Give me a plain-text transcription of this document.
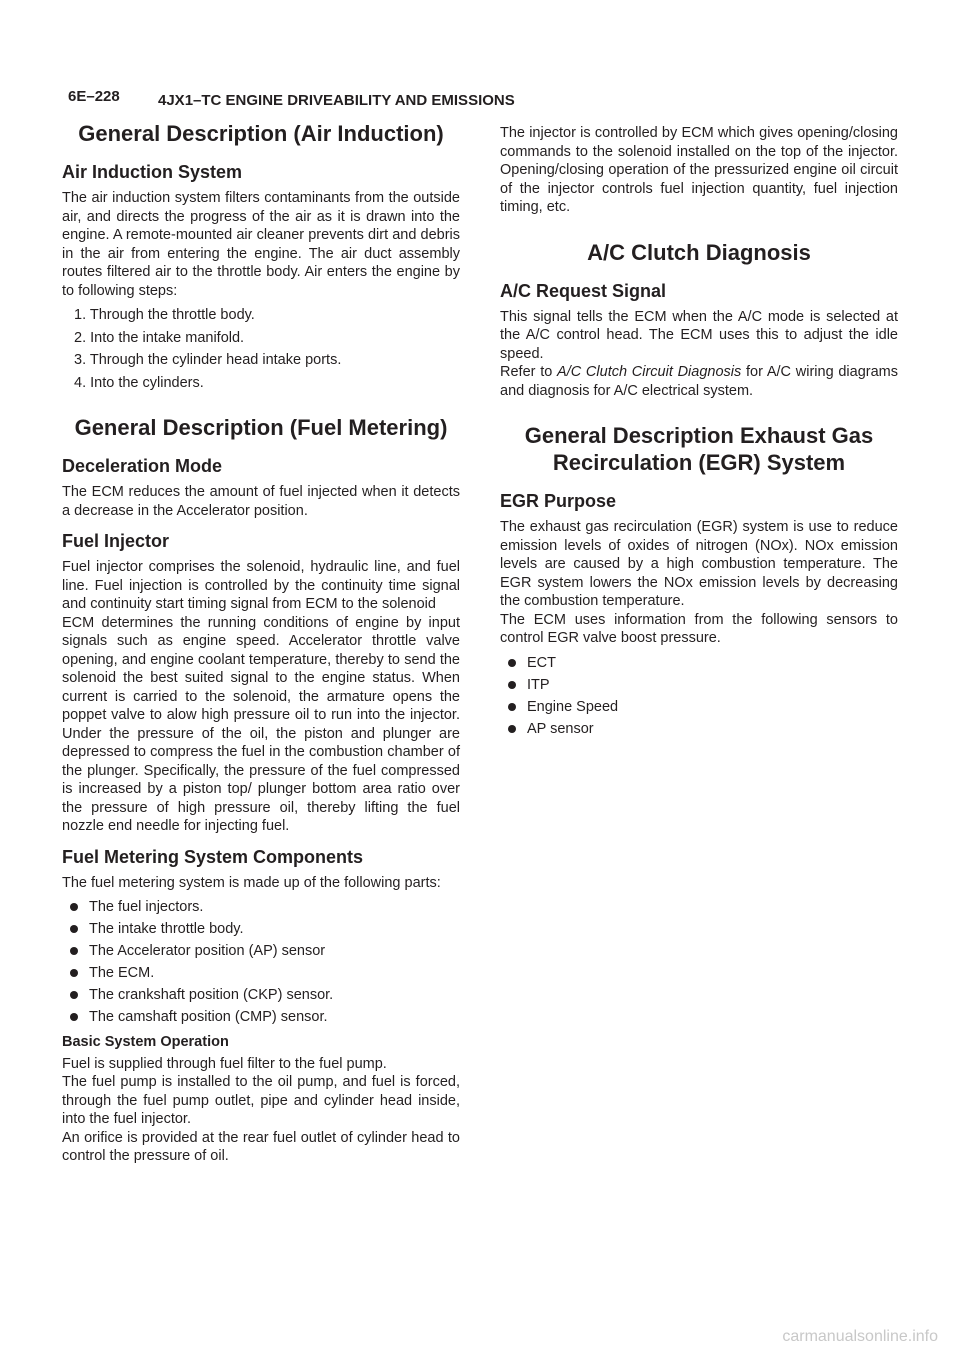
6E–228	4JX1–TC ENGINE DRIVEABILITY AND EMISSIONS
General Description (Air Induction)
Air Induction System

The air induction system filters contaminants from the outside air, and directs the progress of the air as it is drawn into the engine. A remote-mounted air cleaner prevents dirt and debris in the air from entering the engine. The air duct assembly routes filtered air to the throttle body. Air enters the engine by to following steps:

1. Through the throttle body.
2. Into the intake manifold.
3. Through the cylinder head intake ports.
4. Into the cylinders.
General Description (Fuel Metering)
Deceleration Mode

The ECM reduces the amount of fuel injected when it detects a decrease in the Accelerator position.

Fuel Injector

Fuel injector comprises the solenoid, hydraulic line, and fuel line. Fuel injection is controlled by the continuity time signal and continuity start timing signal from ECM to the solenoid

ECM determines the running conditions of engine by input signals such as engine speed. Accelerator throttle valve opening, and engine coolant temperature, thereby to send the solenoid the best suited signal to the engine status. When current is carried to the solenoid, the armature opens the poppet valve to alow high pressure oil to run into the injector. Under the pressure of the oil, the piston and plunger are depressed to compress the fuel in the combustion chamber of the plunger. Specifically, the pressure of the fuel compressed is increased by a piston top/ plunger bottom area ratio over the pressure of high pressure oil, thereby lifting the fuel nozzle end needle for injecting fuel.

Fuel Metering System Components

The fuel metering system is made up of the following parts:

The fuel injectors.
The intake throttle body.
The Accelerator position (AP) sensor
The ECM.
The crankshaft position (CKP) sensor.
The camshaft position (CMP) sensor.
Basic System Operation

Fuel is supplied through fuel filter to the fuel pump.

The fuel pump is installed to the oil pump, and fuel is forced, through the fuel pump outlet, pipe and cylinder head inside, into the fuel injector.

An orifice is provided at the rear fuel outlet of cylinder head to control the pressure of oil.

The injector is controlled by ECM which gives opening/closing commands to the solenoid installed on the top of the injector. Opening/closing operation of the pressurized engine oil circuit of the injector controls fuel injection quantity, fuel injection timing, etc.

A/C Clutch Diagnosis
A/C Request Signal

This signal tells the ECM when the A/C mode is selected at the A/C control head. The ECM uses this to adjust the idle speed.

Refer to A/C Clutch Circuit Diagnosis for A/C wiring diagrams and diagnosis for A/C electrical system.

General Description Exhaust Gas
Recirculation (EGR) System
EGR Purpose

The exhaust gas recirculation (EGR) system is use to reduce emission levels of oxides of nitrogen (NOx). NOx emission levels are caused by a high combustion temperature. The EGR system lowers the NOx emission levels by decreasing the combustion temperature.

The ECM uses information from the following sensors to control EGR valve boost pressure.

ECT
ITP
Engine Speed
AP sensor
carmanualsonline.info
